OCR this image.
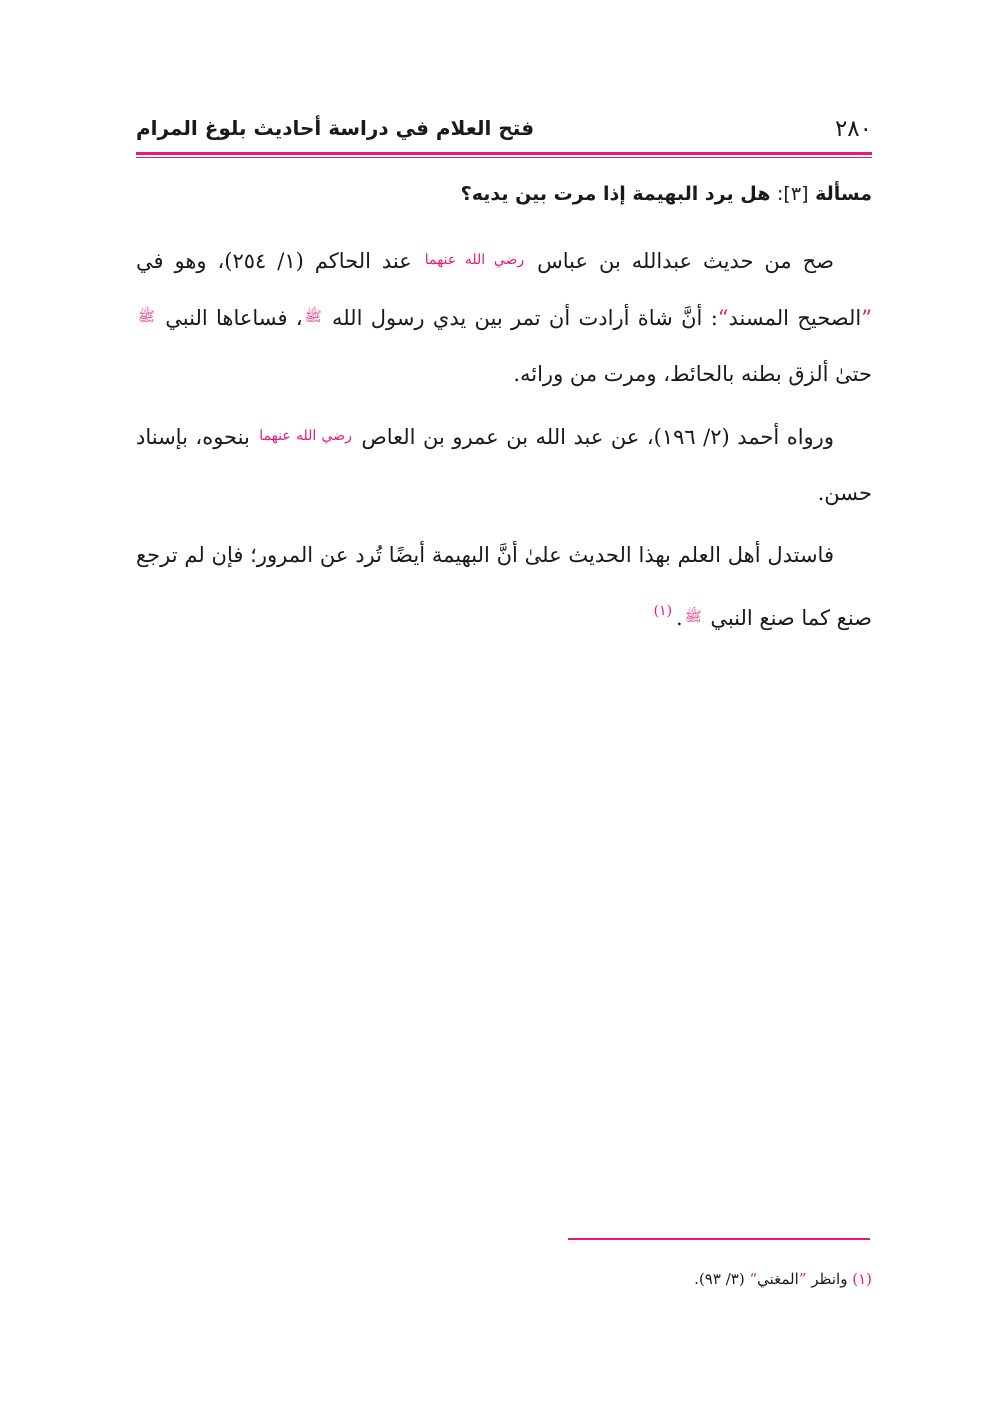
٢٨٠
فتح العلام في دراسة أحاديث بلوغ المرام
مسألة [٣]: هل يرد البهيمة إذا مرت بين يديه؟

صح من حديث عبدالله بن عباس رضي الله عنهما عند الحاكم (١/ ٢٥٤)، وهو في ”الصحيح المسند“: أنَّ شاة أرادت أن تمر بين يدي رسول الله ﷺ، فساعاها النبي ﷺ حتىٰ ألزق بطنه بالحائط، ومرت من ورائه.

ورواه أحمد (٢/ ١٩٦)، عن عبد الله بن عمرو بن العاص رضي الله عنهما بنحوه، بإسناد حسن.

فاستدل أهل العلم بهذا الحديث علىٰ أنَّ البهيمة أيضًا تُرد عن المرور؛ فإن لم ترجع صنع كما صنع النبي ﷺ.$^{(١)}$

(١) وانظر ”المغني“ (٣/ ٩٣).
